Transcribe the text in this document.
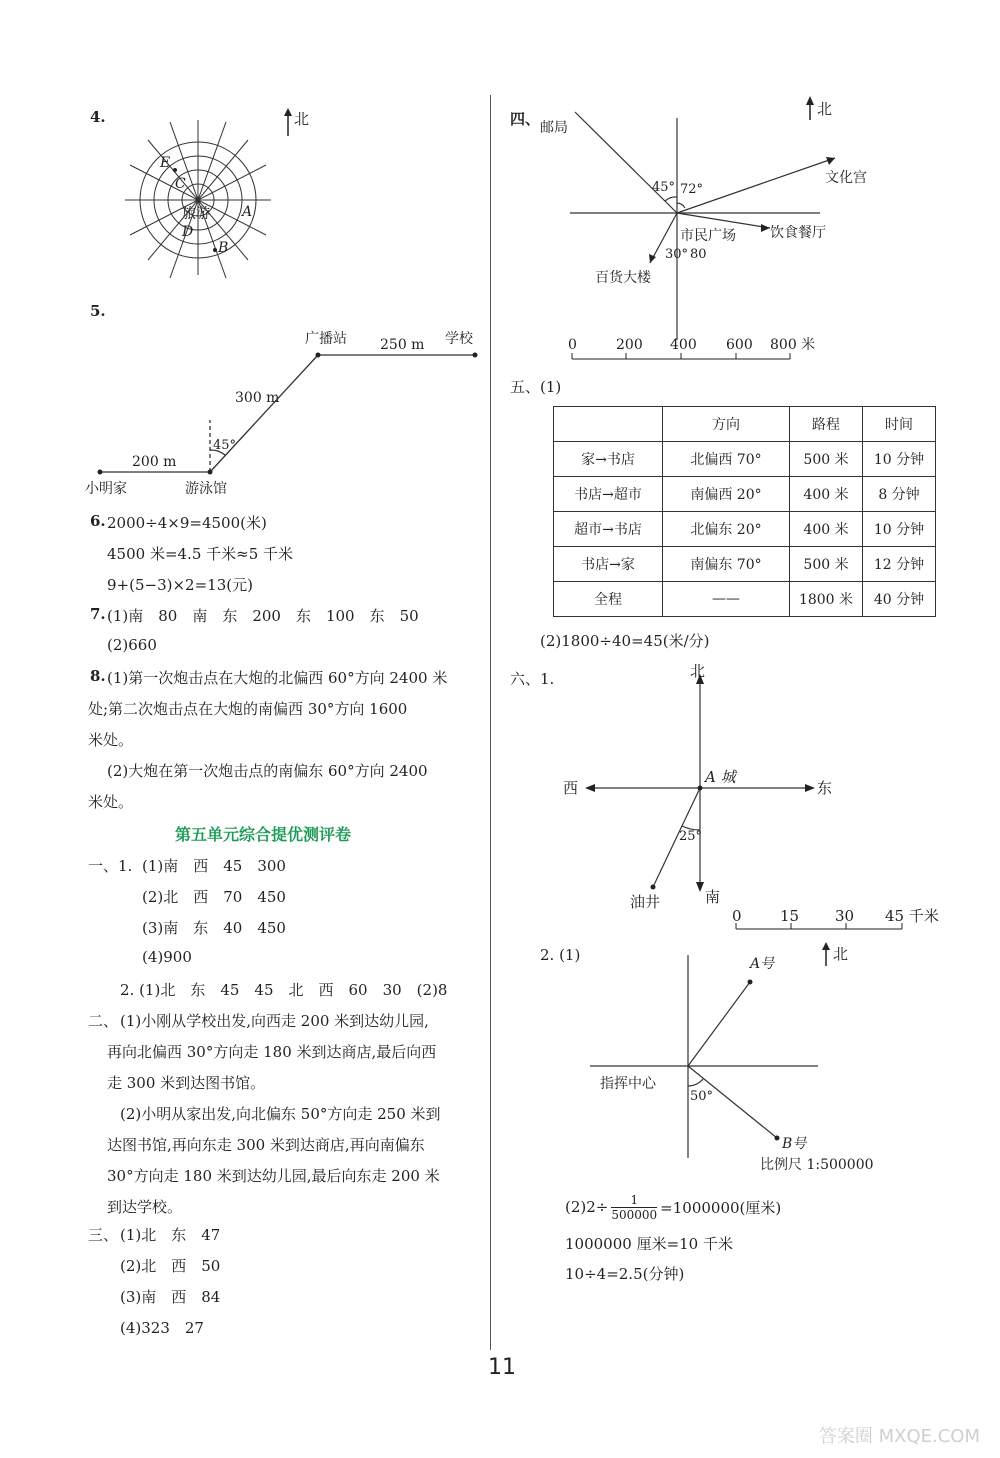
4.
E
C
D
A
B
旅游
北
5.
广播站 250 m 学校
300 m
45°
200 m
小明家	游泳馆
6. 2000÷4×9=4500(米)
4500 米=4.5 千米≈5 千米
9+(5−3)×2=13(元)
7. (1)南　80　南　东　200　东　100　东　50
(2)660
8. (1)第一次炮击点在大炮的北偏西 60°方向 2400 米
处;第二次炮击点在大炮的南偏西 30°方向 1600
米处。
(2)大炮在第一次炮击点的南偏东 60°方向 2400
米处。
第五单元综合提优测评卷
一、1. (1)南　西　45　300
(2)北　西　70　450
(3)南　东　40　450
(4)900
2. (1)北　东　45　45　北　西　60　30　(2)8
二、 (1)小刚从学校出发,向西走 200 米到达幼儿园,
再向北偏西 30°方向走 180 米到达商店,最后向西
走 300 米到达图书馆。
(2)小明从家出发,向北偏东 50°方向走 250 米到
达图书馆,再向东走 300 米到达商店,再向南偏东
30°方向走 180 米到达幼儿园,最后向东走 200 米
到达学校。
三、 (1)北　东　47
(2)北　西　50
(3)南　西　84
(4)323　27
四、
北
邮局
文化宫
45° 72°
市民广场 饮食餐厅
30° 80
百货大楼
0	200 400 600 800 米
五、(1)
	方向	路程	时间
家→书店	北偏西 70°	500 米	10 分钟
书店→超市	南偏西 20°	400 米	8 分钟
超市→书店	北偏东 20°	400 米	10 分钟
书店→家	南偏东 70°	500 米	12 分钟
全程	——	1800 米	40 分钟
(2)1800÷40=45(米/分)
六、1.	北
西	东
南
A 城
25°
油井
0	15 30 45 千米
2. (1)	北
A号
B号
指挥中心
50°
比例尺 1:500000
$(2)2\div \frac{1}{500000} =1000000$(厘米)
1000000 厘米=10 千米
10÷4=2.5(分钟)
11
答案圈 MXQE.COM
